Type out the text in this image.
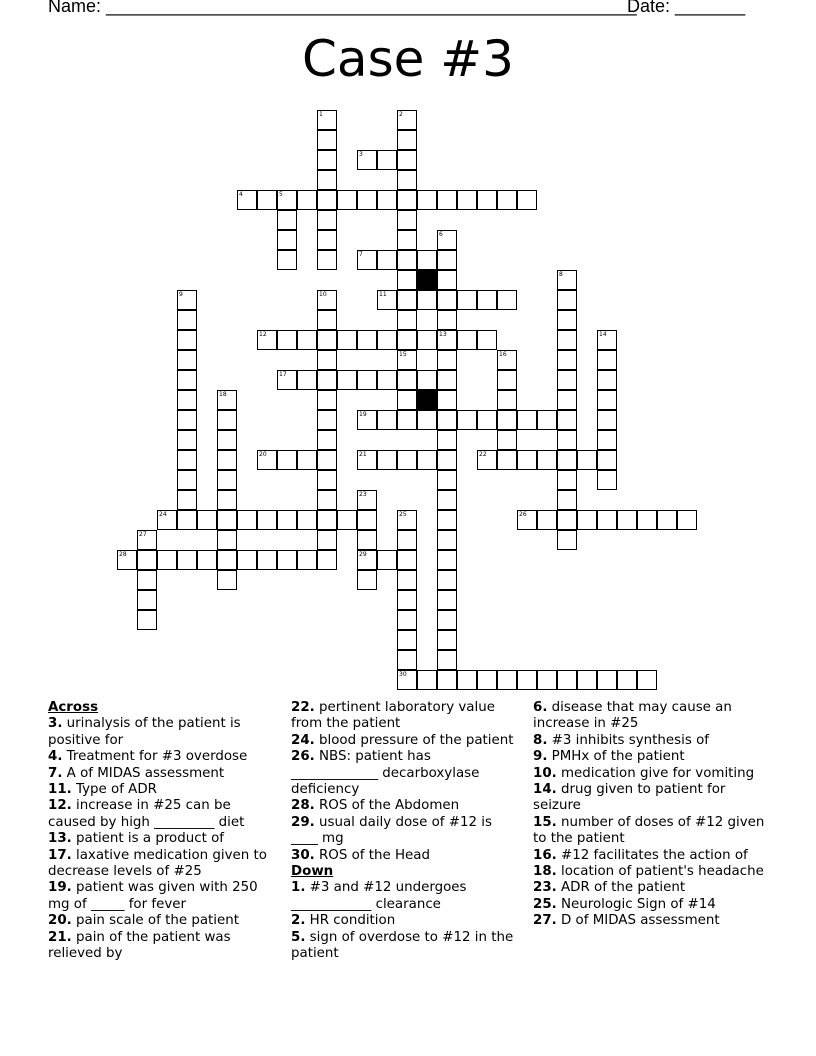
Name: _____________________________________________________
Date: _______
Case #3
1	2
3
4	5
6
13
7
8
9	10	11
12	14
15	16
17
18
19
20	21	22
23
29
24	25
30
26
27
28
Across
3. urinalysis of the patient is positive for
4. Treatment for #3 overdose
7. A of MIDAS assessment
11. Type of ADR
12. increase in #25 can be caused by high _________ diet
13. patient is a product of
17. laxative medication given to decrease levels of #25
19. patient was given with 250 mg of _____ for fever
20. pain scale of the patient
21. pain of the patient was relieved by
22. pertinent laboratory value from the patient
24. blood pressure of the patient
26. NBS: patient has _____________ decarboxylase deficiency
28. ROS of the Abdomen
29. usual daily dose of #12 is ____ mg
30. ROS of the Head
Down
1. #3 and #12 undergoes ____________ clearance
2. HR condition
5. sign of overdose to #12 in the patient
6. disease that may cause an increase in #25
8. #3 inhibits synthesis of
9. PMHx of the patient
10. medication give for vomiting
14. drug given to patient for seizure
15. number of doses of #12 given to the patient
16. #12 facilitates the action of
18. location of patient's headache
23. ADR of the patient
25. Neurologic Sign of #14
27. D of MIDAS assessment
